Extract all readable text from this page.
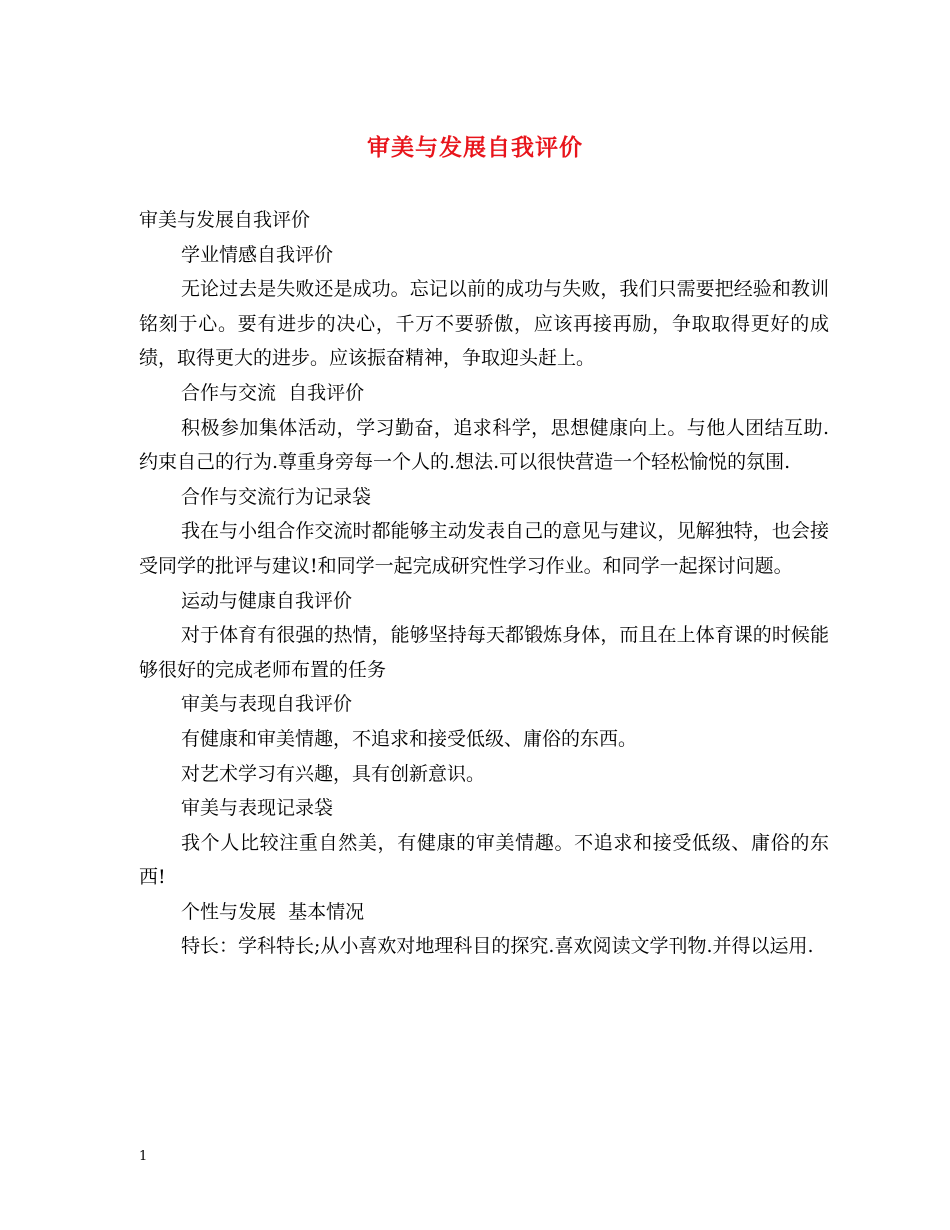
审美与发展自我评价

审美与发展自我评价

学业情感自我评价

无论过去是失败还是成功。忘记以前的成功与失败，我们只需要把经验和教训铭刻于心。要有进步的决心，千万不要骄傲，应该再接再励，争取取得更好的成绩，取得更大的进步。应该振奋精神，争取迎头赶上。

合作与交流  自我评价

积极参加集体活动，学习勤奋，追求科学，思想健康向上。与他人团结互助.约束自己的行为.尊重身旁每一个人的.想法.可以很快营造一个轻松愉悦的氛围.

合作与交流行为记录袋

我在与小组合作交流时都能够主动发表自己的意见与建议，见解独特，也会接受同学的批评与建议!和同学一起完成研究性学习作业。和同学一起探讨问题。

运动与健康自我评价

对于体育有很强的热情，能够坚持每天都锻炼身体，而且在上体育课的时候能够很好的完成老师布置的任务

审美与表现自我评价

有健康和审美情趣，不追求和接受低级、庸俗的东西。

对艺术学习有兴趣，具有创新意识。

审美与表现记录袋

我个人比较注重自然美，有健康的审美情趣。不追求和接受低级、庸俗的东西!

个性与发展  基本情况

特长：学科特长;从小喜欢对地理科目的探究.喜欢阅读文学刊物.并得以运用.

1
